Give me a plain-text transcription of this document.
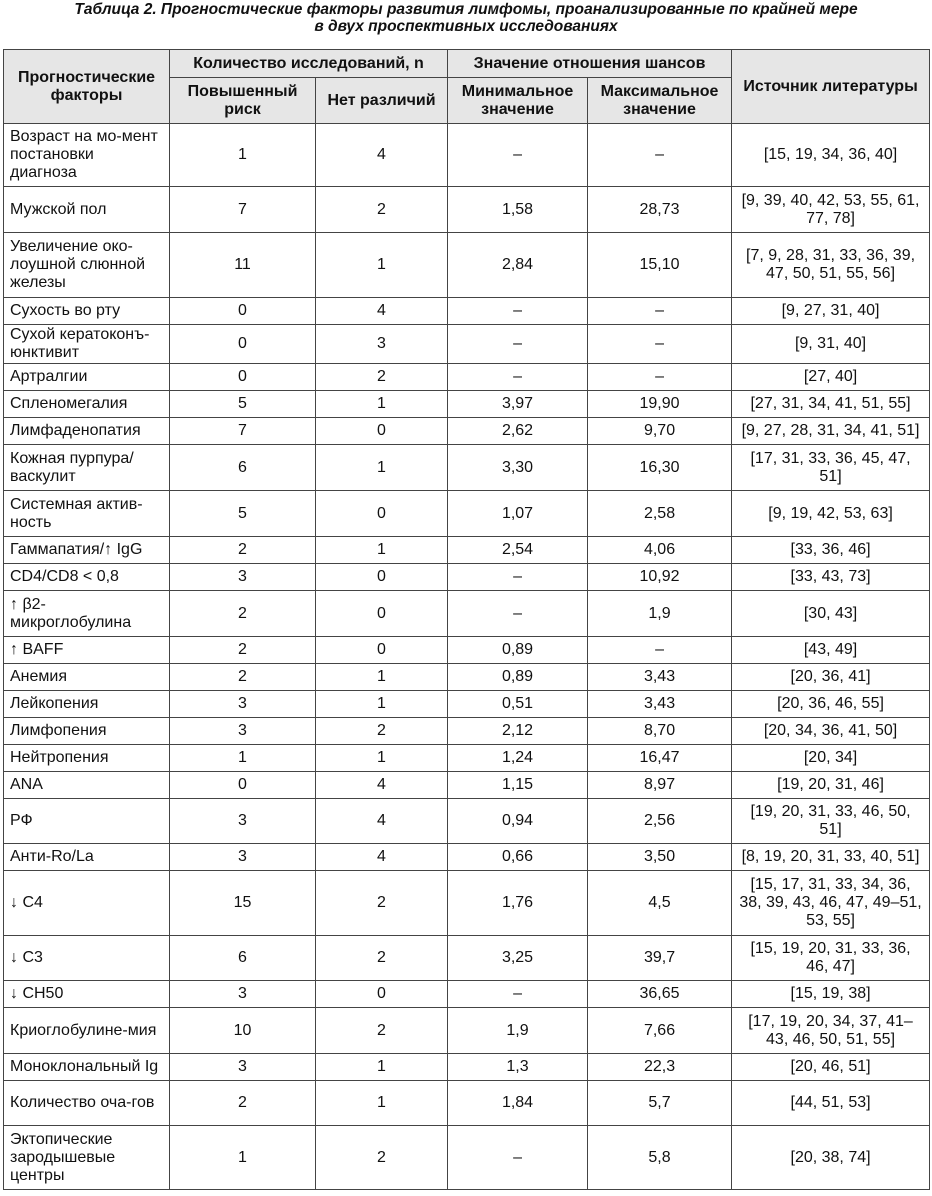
Таблица 2. Прогностические факторы развития лимфомы, проанализированные по крайней мере
в двух проспективных исследованиях
Прогностические факторы	Количество исследований, n		Значение отношения шансов		Источник литературы
	Повышенный риск	Нет различий	Минимальное значение	Максимальное значение	
Возраст на мо-мент постановки диагноза	1	4	–	–	[15, 19, 34, 36, 40]
Мужской пол	7	2	1,58	28,73	[9, 39, 40, 42, 53, 55, 61, 77, 78]
Увеличение око-лоушной слюнной железы	11	1	2,84	15,10	[7, 9, 28, 31, 33, 36, 39, 47, 50, 51, 55, 56]
Сухость во рту	0	4	–	–	[9, 27, 31, 40]
Сухой кератоконъ-юнктивит	0	3	–	–	[9, 31, 40]
Артралгии	0	2	–	–	[27, 40]
Спленомегалия	5	1	3,97	19,90	[27, 31, 34, 41, 51, 55]
Лимфаденопатия	7	0	2,62	9,70	[9, 27, 28, 31, 34, 41, 51]
Кожная пурпура/ васкулит	6	1	3,30	16,30	[17, 31, 33, 36, 45, 47, 51]
Системная актив-ность	5	0	1,07	2,58	[9, 19, 42, 53, 63]
Гаммапатия/↑ IgG	2	1	2,54	4,06	[33, 36, 46]
CD4/CD8 < 0,8	3	0	–	10,92	[33, 43, 73]
↑ β2-микроглобулина	2	0	–	1,9	[30, 43]
↑ BAFF	2	0	0,89	–	[43, 49]
Анемия	2	1	0,89	3,43	[20, 36, 41]
Лейкопения	3	1	0,51	3,43	[20, 36, 46, 55]
Лимфопения	3	2	2,12	8,70	[20, 34, 36, 41, 50]
Нейтропения	1	1	1,24	16,47	[20, 34]
ANA	0	4	1,15	8,97	[19, 20, 31, 46]
РФ	3	4	0,94	2,56	[19, 20, 31, 33, 46, 50, 51]
Анти-Ro/La	3	4	0,66	3,50	[8, 19, 20, 31, 33, 40, 51]
↓ C4	15	2	1,76	4,5	[15, 17, 31, 33, 34, 36, 38, 39, 43, 46, 47, 49–51, 53, 55]
↓ C3	6	2	3,25	39,7	[15, 19, 20, 31, 33, 36, 46, 47]
↓ CH50	3	0	–	36,65	[15, 19, 38]
Криоглобулине-мия	10	2	1,9	7,66	[17, 19, 20, 34, 37, 41–43, 46, 50, 51, 55]
Моноклональный Ig	3	1	1,3	22,3	[20, 46, 51]
Количество оча-гов	2	1	1,84	5,7	[44, 51, 53]
Эктопические зародышевые центры	1	2	–	5,8	[20, 38, 74]
